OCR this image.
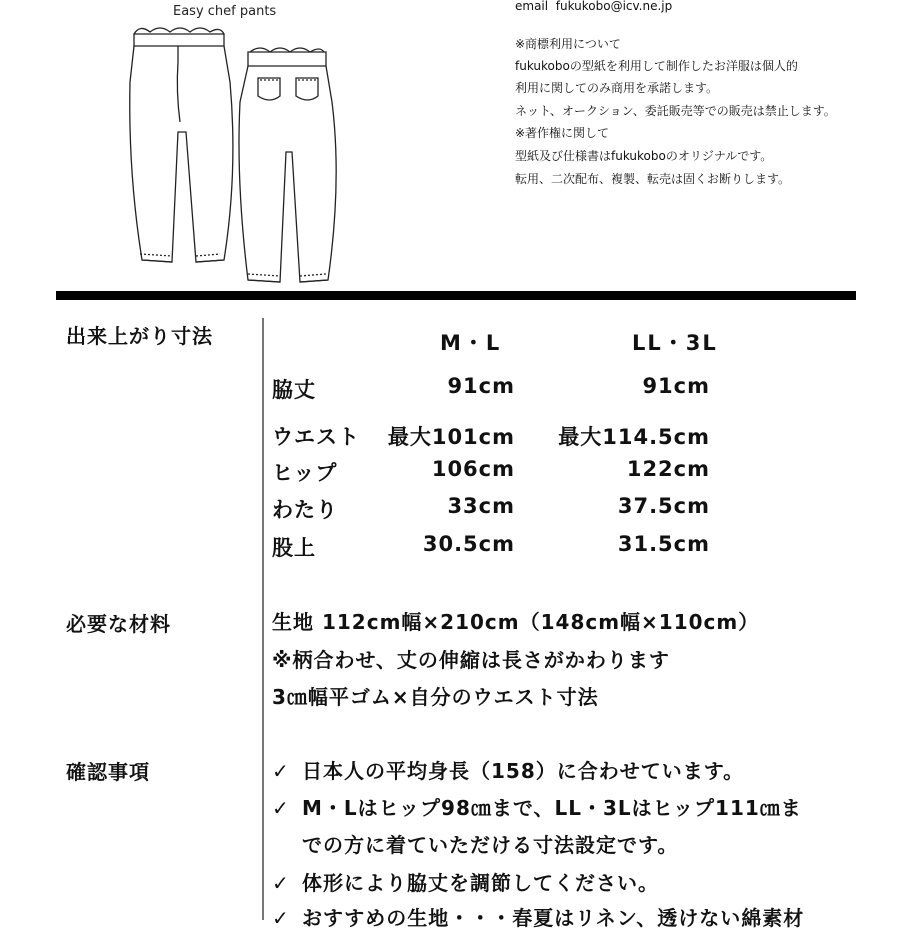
Easy chef pants	email fukukobo@icv.ne.jp
※商標利用について
fukukoboの型紙を利用して制作したお洋服は個人的
利用に関してのみ商用を承諾します。
ネット、オークション、委託販売等での販売は禁止します。
※著作権に関して
型紙及び仕様書はfukukoboのオリジナルです。
転用、二次配布、複製、転売は固くお断りします。
出来上がり寸法	M・L	LL・3L
脇丈	91cm	91cm
ウエスト 最大101cm 最大114.5cm
ヒップ	106cm	122cm
わたり	33cm	37.5cm
股上	30.5cm	31.5cm
必要な材料	生地 112cm幅×210cm（148cm幅×110cm）
※柄合わせ、丈の伸縮は長さがかわります
3㎝幅平ゴム×自分のウエスト寸法
確認事項	✓ 日本人の平均身長（158）に合わせています。
✓ M・Lはヒップ98㎝まで、LL・3Lはヒップ111㎝ま
での方に着ていただける寸法設定です。
✓ 体形により脇丈を調節してください。
✓ おすすめの生地・・・春夏はリネン、透けない綿素材
